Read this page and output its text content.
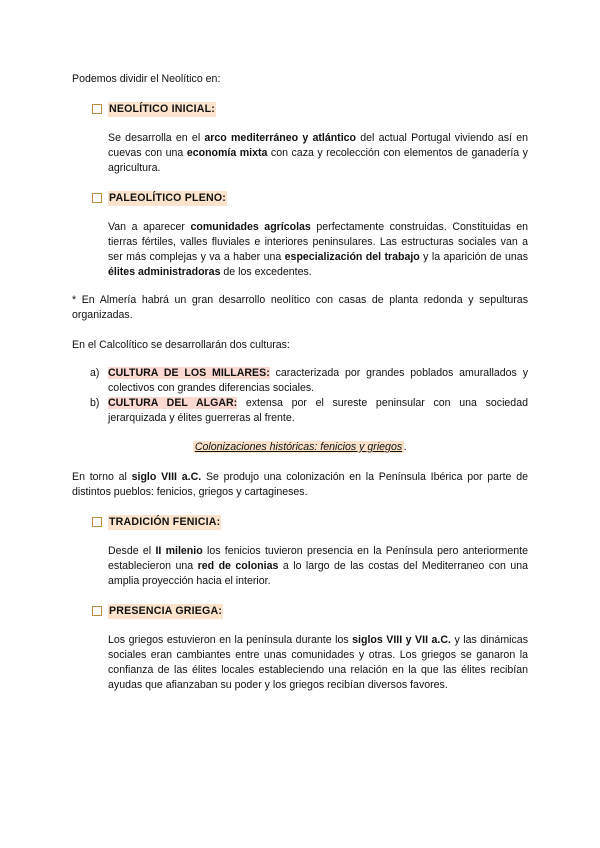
Podemos dividir el Neolítico en:

NEOLÍTICO INICIAL:

Se desarrolla en el arco mediterráneo y atlántico del actual Portugal viviendo así en cuevas con una economía mixta con caza y recolección con elementos de ganadería y agricultura.

PALEOLÍTICO PLENO:

Van a aparecer comunidades agrícolas perfectamente construidas. Constituidas en tierras fértiles, valles fluviales e interiores peninsulares. Las estructuras sociales van a ser más complejas y va a haber una especialización del trabajo y la aparición de unas élites administradoras de los excedentes.

* En Almería habrá un gran desarrollo neolítico con casas de planta redonda y sepulturas organizadas.

En el Calcolítico se desarrollarán dos culturas:

a) CULTURA DE LOS MILLARES: caracterizada por grandes poblados amurallados y colectivos con grandes diferencias sociales.
b) CULTURA DEL ALGAR: extensa por el sureste peninsular con una sociedad jerarquizada y élites guerreras al frente.
Colonizaciones históricas: fenicios y griegos .

En torno al siglo VIII a.C. Se produjo una colonización en la Península Ibérica por parte de distintos pueblos: fenicios, griegos y cartagineses.

TRADICIÓN FENICIA:

Desde el II milenio los fenicios tuvieron presencia en la Península pero anteriormente establecieron una red de colonias a lo largo de las costas del Mediterraneo con una amplia proyección hacia el interior.

PRESENCIA GRIEGA:

Los griegos estuvieron en la península durante los siglos VIII y VII a.C. y las dinámicas sociales eran cambiantes entre unas comunidades y otras. Los griegos se ganaron la confianza de las élites locales estableciendo una relación en la que las élites recibían ayudas que afianzaban su poder y los griegos recibían diversos favores.
